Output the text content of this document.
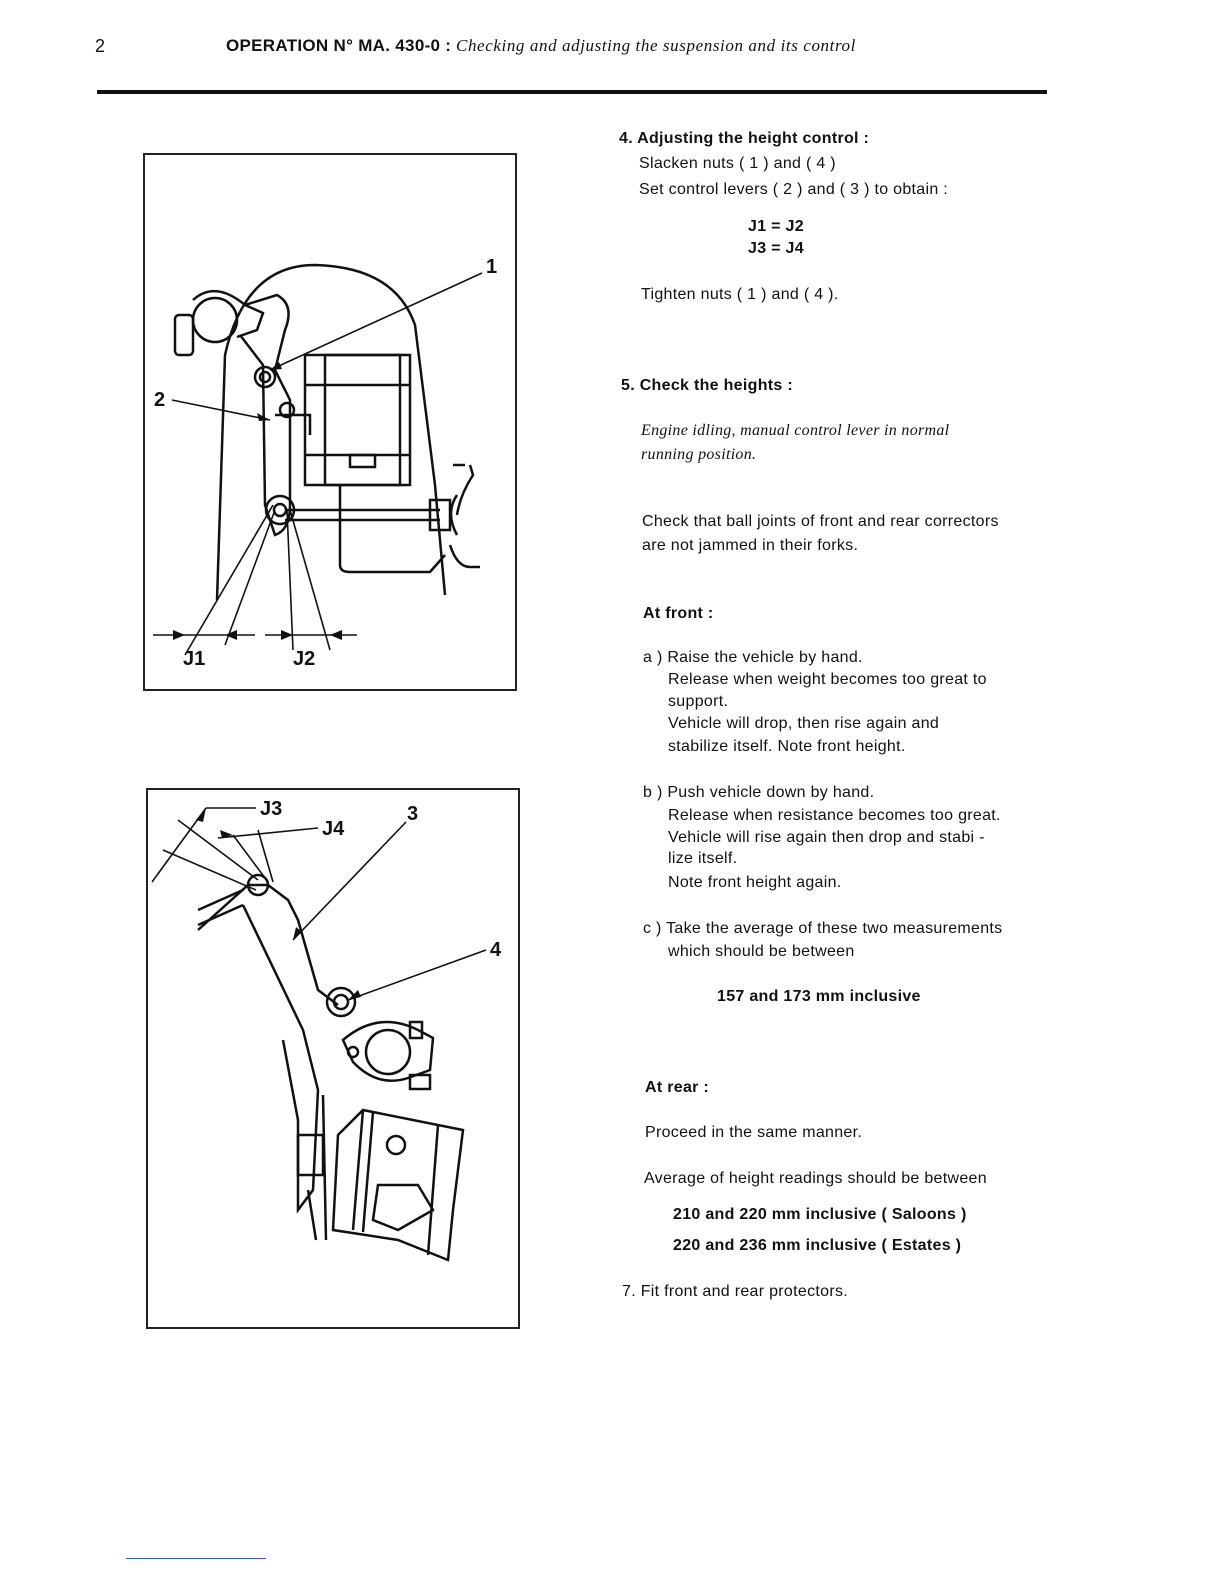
2	OPERATION N° MA. 430-0 : Checking and adjusting the suspension and its control
1
2
J1	J2
J3
J4
3
4
4. Adjusting the height control :
Slacken nuts ( 1 ) and ( 4 )
Set control levers ( 2 ) and ( 3 ) to obtain :
J1 = J2
J3 = J4
Tighten nuts ( 1 ) and ( 4 ).
5. Check the heights :
Engine idling, manual control lever in normal
running position.
Check that ball joints of front and rear correctors
are not jammed in their forks.
At front :
a ) Raise the vehicle by hand.
Release when weight becomes too great to
support.
Vehicle will drop, then rise again and
stabilize itself. Note front height.
b ) Push vehicle down by hand.
Release when resistance becomes too great.
Vehicle will rise again then drop and stabi -
lize itself.
Note front height again.
c ) Take the average of these two measurements
which should be between
157 and 173 mm inclusive
At rear :
Proceed in the same manner.
Average of height readings should be between
210 and 220 mm inclusive ( Saloons )
220 and 236 mm inclusive ( Estates )
7. Fit front and rear protectors.
